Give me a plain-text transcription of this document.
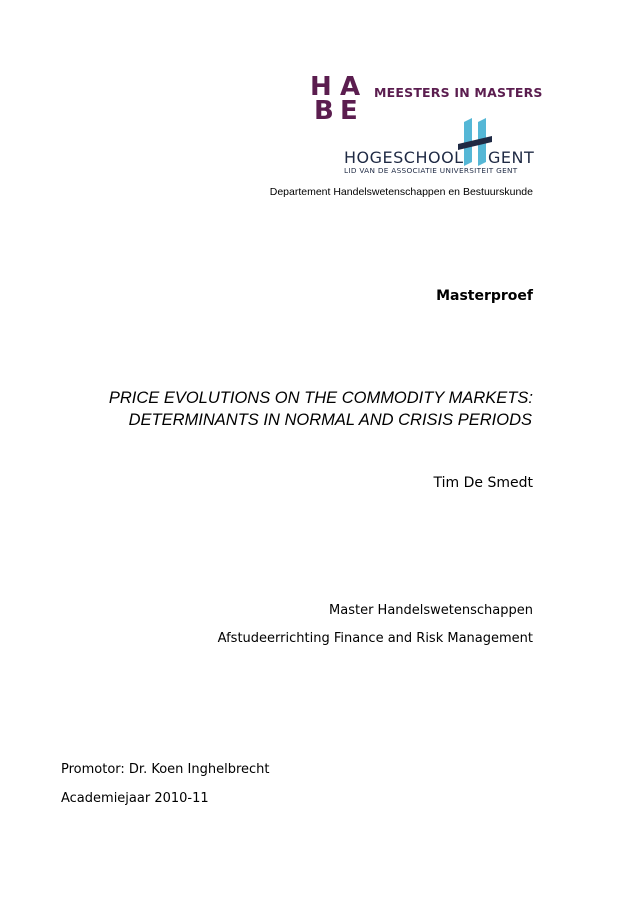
H A
B E
MEESTERS IN MASTERS
HOGESCHOOL GENT
LID VAN DE ASSOCIATIE UNIVERSITEIT GENT
Departement Handelswetenschappen en Bestuurskunde
Masterproef
PRICE EVOLUTIONS ON THE COMMODITY MARKETS:
DETERMINANTS IN NORMAL AND CRISIS PERIODS
Tim De Smedt
Master Handelswetenschappen
Afstudeerrichting Finance and Risk Management
Promotor: Dr. Koen Inghelbrecht
Academiejaar 2010-11
